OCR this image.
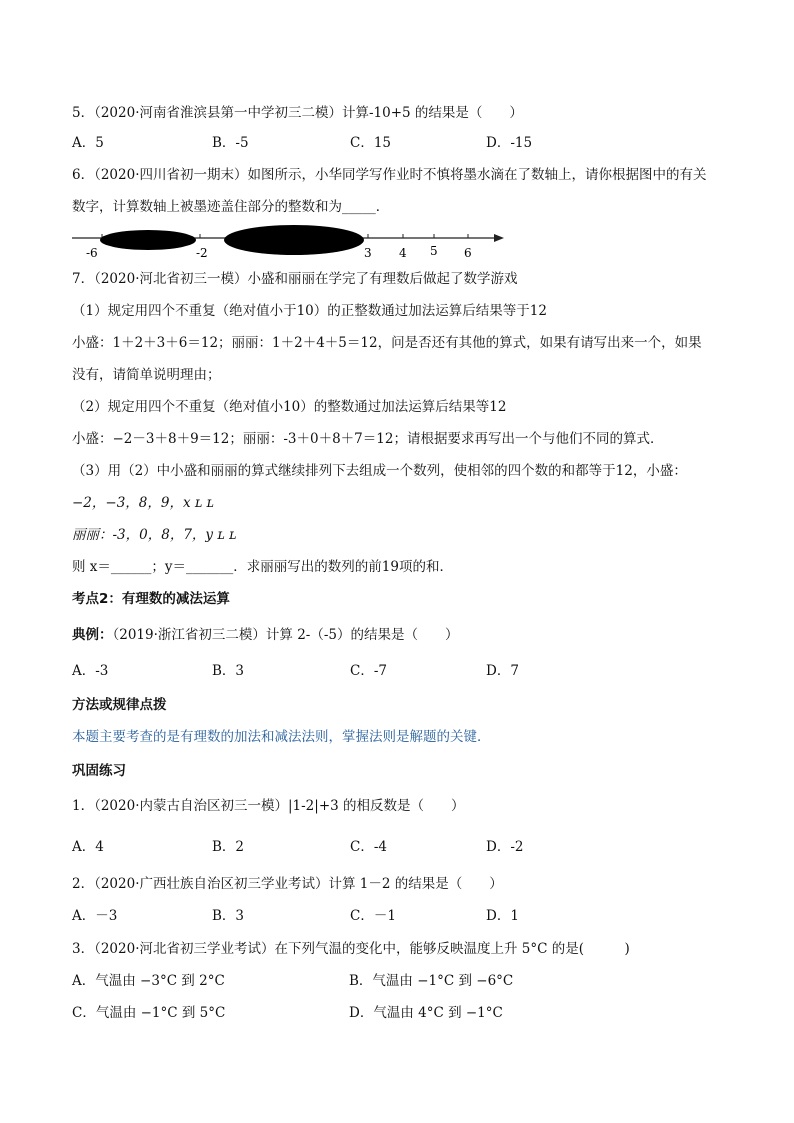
5．（2020·河南省淮滨县第一中学初三二模）计算-10+5 的结果是（　　）
A．5	B．-5	C．15	D．-15
6．（2020·四川省初一期末）如图所示，小华同学写作业时不慎将墨水滴在了数轴上，请你根据图中的有关
数字，计算数轴上被墨迹盖住部分的整数和为_____．
-6	-2	3 4 5 6
7．（2020·河北省初三一模）小盛和丽丽在学完了有理数后做起了数学游戏
（1）规定用四个不重复（绝对值小于10）的正整数通过加法运算后结果等于12
小盛：1＋2＋3＋6＝12；丽丽：1＋2＋4＋5＝12，问是否还有其他的算式，如果有请写出来一个，如果
没有，请简单说明理由；
（2）规定用四个不重复（绝对值小10）的整数通过加法运算后结果等12
小盛：−2－3＋8＋9＝12；丽丽：-3＋0＋8＋7＝12；请根据要求再写出一个与他们不同的算式．
（3）用（2）中小盛和丽丽的算式继续排列下去组成一个数列，使相邻的四个数的和都等于12，小盛：
−2，−3，8，9，x ʟ ʟ
丽丽：-3，0，8，7，y ʟ ʟ
则 x＝______；y＝_______．求丽丽写出的数列的前19项的和．
考点2：有理数的减法运算
典例：（2019·浙江省初三二模）计算 2-（-5）的结果是（　　）
A．-3	B．3	C．-7	D．7
方法或规律点拨
本题主要考查的是有理数的加法和减法法则，掌握法则是解题的关键．
巩固练习
1．（2020·内蒙古自治区初三一模）|1-2|+3 的相反数是（　　）
A．4	B．2	C．-4	D．-2
2．（2020·广西壮族自治区初三学业考试）计算 1－2 的结果是（　　）
A．－3	B．3	C．－1	D．1
3．（2020·河北省初三学业考试）在下列气温的变化中，能够反映温度上升 5°C 的是(　　　)
A．气温由 −3°C 到 2°C	B．气温由 −1°C 到 −6°C
C．气温由 −1°C 到 5°C	D．气温由 4°C 到 −1°C
